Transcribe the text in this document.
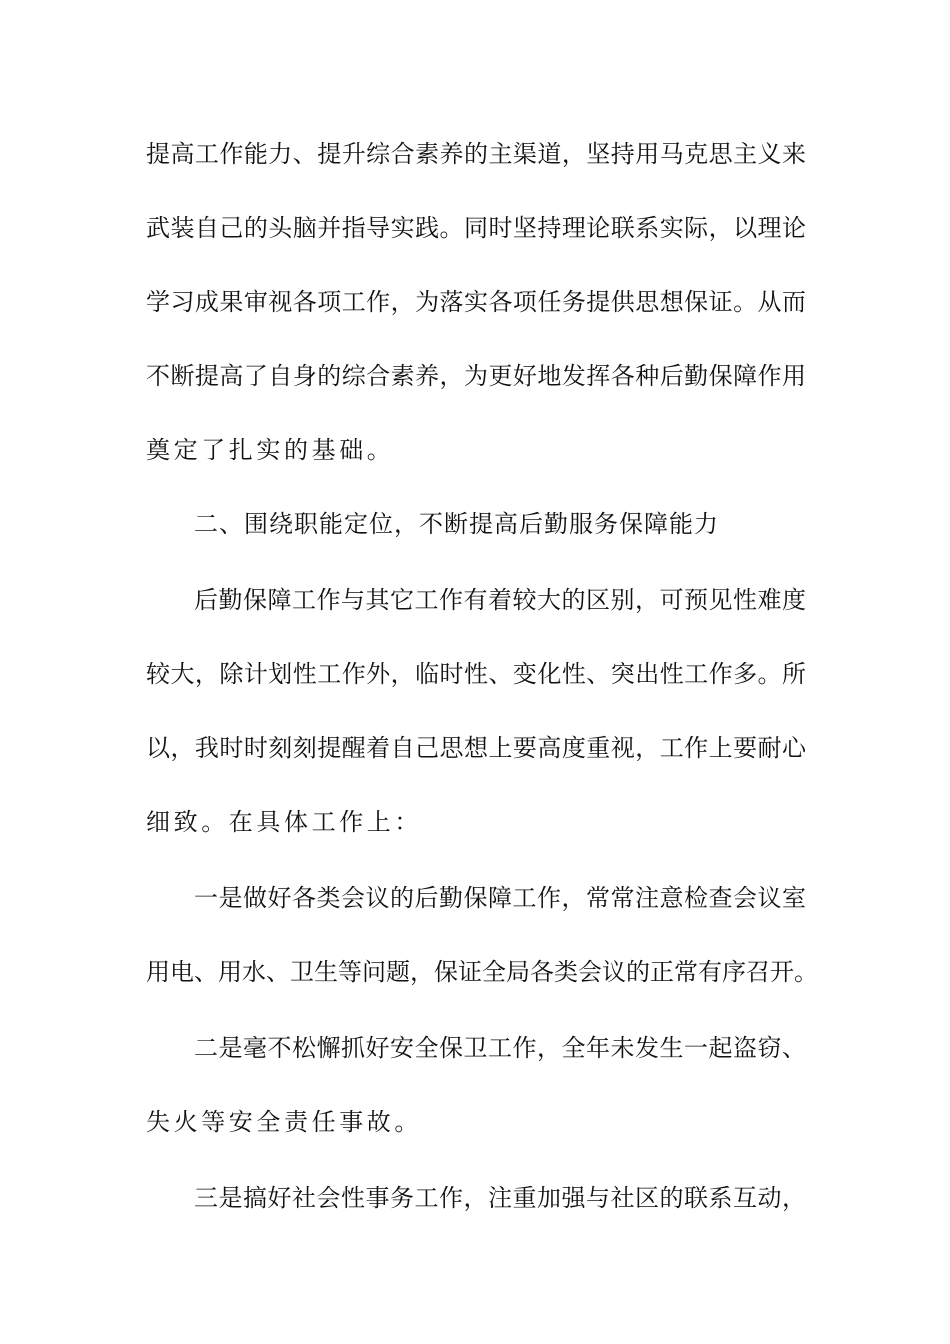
提高工作能力、提升综合素养的主渠道，坚持用马克思主义来
武装自己的头脑并指导实践。同时坚持理论联系实际，以理论
学习成果审视各项工作，为落实各项任务提供思想保证。从而
不断提高了自身的综合素养，为更好地发挥各种后勤保障作用
奠定了扎实的基础。
二、围绕职能定位，不断提高后勤服务保障能力
后勤保障工作与其它工作有着较大的区别，可预见性难度
较大，除计划性工作外，临时性、变化性、突出性工作多。所
以，我时时刻刻提醒着自己思想上要高度重视，工作上要耐心
细致。在具体工作上：
一是做好各类会议的后勤保障工作，常常注意检查会议室
用电、用水、卫生等问题，保证全局各类会议的正常有序召开。
二是毫不松懈抓好安全保卫工作，全年未发生一起盗窃、
失火等安全责任事故。
三是搞好社会性事务工作，注重加强与社区的联系互动，
